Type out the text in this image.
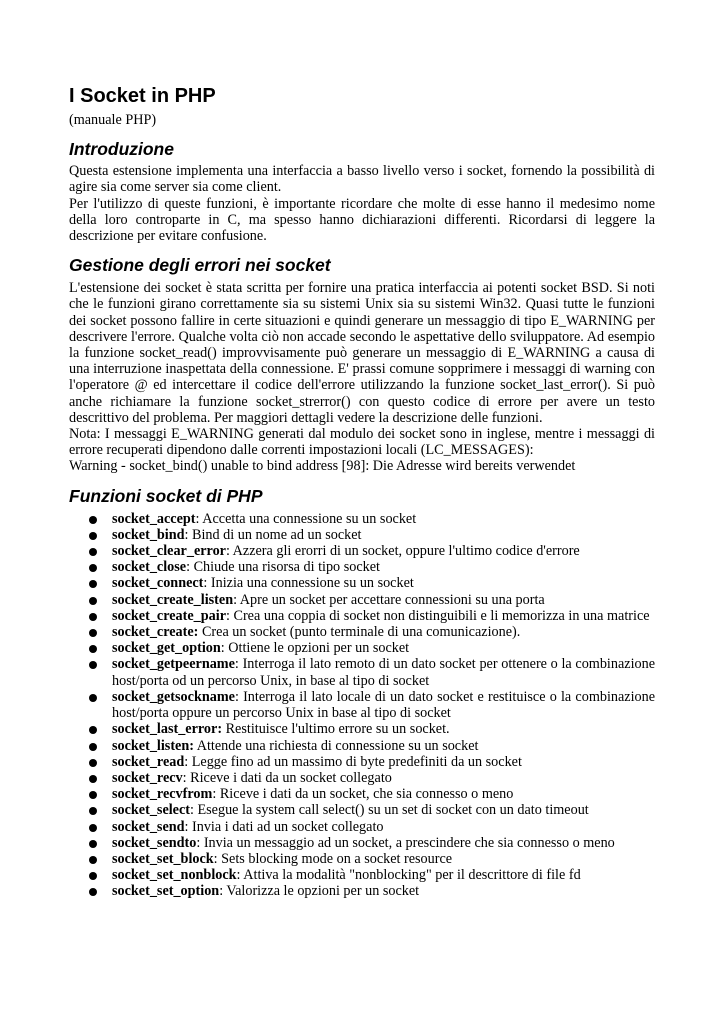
I Socket in PHP
(manuale PHP)
Introduzione

Questa estensione implementa una interfaccia a basso livello verso i socket, fornendo la possibilità di agire sia come server sia come client.

Per l'utilizzo di queste funzioni, è importante ricordare che molte di esse hanno il medesimo nome della loro controparte in C, ma spesso hanno dichiarazioni differenti. Ricordarsi di leggere la descrizione per evitare confusione.

Gestione degli errori nei socket

L'estensione dei socket è stata scritta per fornire una pratica interfaccia ai potenti socket BSD. Si noti che le funzioni girano correttamente sia su sistemi Unix sia su sistemi Win32. Quasi tutte le funzioni dei socket possono fallire in certe situazioni e quindi generare un messaggio di tipo E_WARNING per descrivere l'errore. Qualche volta ciò non accade secondo le aspettative dello sviluppatore. Ad esempio la funzione socket_read() improvvisamente può generare un messaggio di E_WARNING a causa di una interruzione inaspettata della connessione. E' prassi comune sopprimere i messaggi di warning con l'operatore @ ed intercettare il codice dell'errore utilizzando la funzione socket_last_error(). Si può anche richiamare la funzione socket_strerror() con questo codice di errore per avere un testo descrittivo del problema. Per maggiori dettagli vedere la descrizione delle funzioni.

Nota: I messaggi E_WARNING generati dal modulo dei socket sono in inglese, mentre i messaggi di errore recuperati dipendono dalle correnti impostazioni locali (LC_MESSAGES):

Warning - socket_bind() unable to bind address [98]: Die Adresse wird bereits verwendet

Funzioni socket di PHP
socket_accept: Accetta una connessione su un socket
socket_bind: Bind di un nome ad un socket
socket_clear_error: Azzera gli erorri di un socket, oppure l'ultimo codice d'errore
socket_close: Chiude una risorsa di tipo socket
socket_connect: Inizia una connessione su un socket
socket_create_listen: Apre un socket per accettare connessioni su una porta
socket_create_pair: Crea una coppia di socket non distinguibili e li memorizza in una matrice
socket_create: Crea un socket (punto terminale di una comunicazione).
socket_get_option: Ottiene le opzioni per un socket
socket_getpeername: Interroga il lato remoto di un dato socket per ottenere o la combinazione host/porta od un percorso Unix, in base al tipo di socket
socket_getsockname: Interroga il lato locale di un dato socket e restituisce o la combinazione host/porta oppure un percorso Unix in base al tipo di socket
socket_last_error: Restituisce l'ultimo errore su un socket.
socket_listen: Attende una richiesta di connessione su un socket
socket_read: Legge fino ad un massimo di byte predefiniti da un socket
socket_recv: Riceve i dati da un socket collegato
socket_recvfrom: Riceve i dati da un socket, che sia connesso o meno
socket_select: Esegue la system call select() su un set di socket con un dato timeout
socket_send: Invia i dati ad un socket collegato
socket_sendto: Invia un messaggio ad un socket, a prescindere che sia connesso o meno
socket_set_block: Sets blocking mode on a socket resource
socket_set_nonblock: Attiva la modalità "nonblocking" per il descrittore di file fd
socket_set_option: Valorizza le opzioni per un socket
